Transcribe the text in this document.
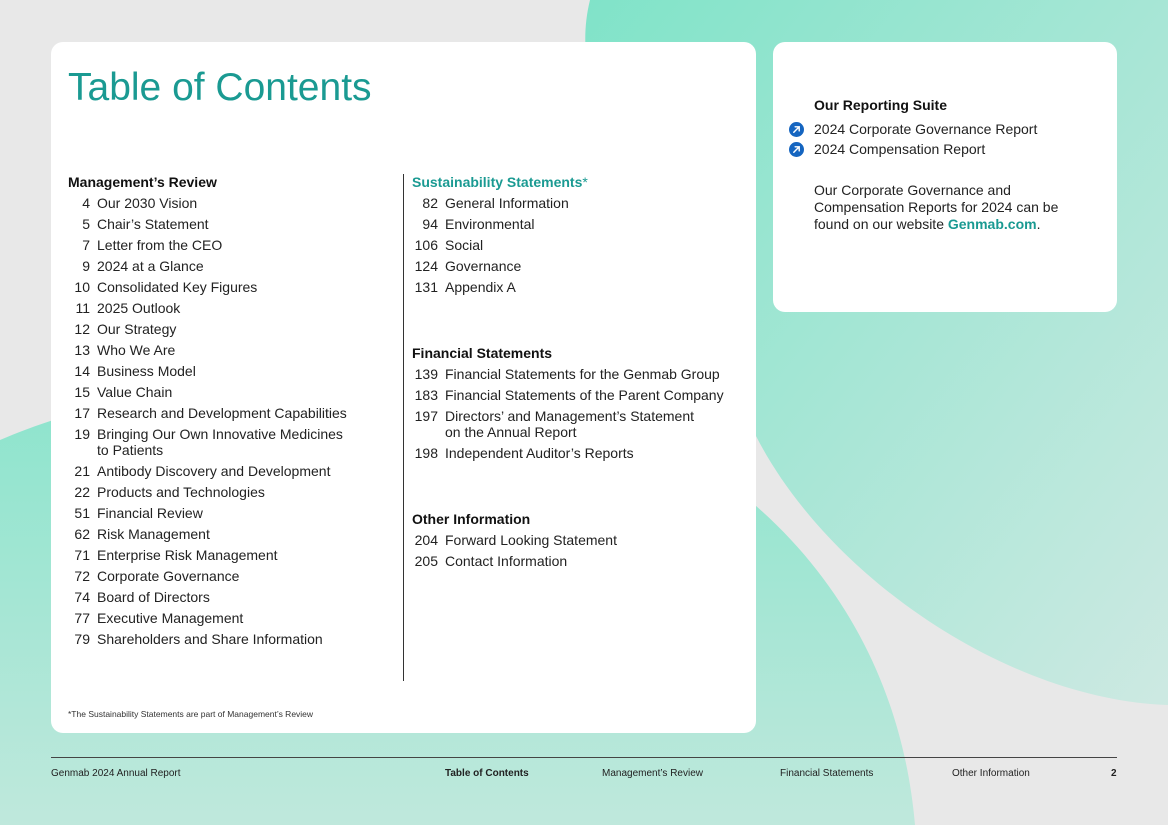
Table of Contents
Management’s Review
4 Our 2030 Vision
5 Chair’s Statement
7 Letter from the CEO
9 2024 at a Glance
10 Consolidated Key Figures
11 2025 Outlook
12 Our Strategy
13 Who We Are
14 Business Model
15 Value Chain
17 Research and Development Capabilities
19 Bringing Our Own Innovative Medicines
to Patients
21 Antibody Discovery and Development
22 Products and Technologies
51 Financial Review
62 Risk Management
71 Enterprise Risk Management
72 Corporate Governance
74 Board of Directors
77 Executive Management
79 Shareholders and Share Information
Sustainability Statements*
82 General Information
94 Environmental
106 Social
124 Governance
131 Appendix A
Financial Statements
139 Financial Statements for the Genmab Group
183 Financial Statements of the Parent Company
197 Directors’ and Management’s Statement
on the Annual Report
198 Independent Auditor’s Reports
Other Information
204 Forward Looking Statement
205 Contact Information
*The Sustainability Statements are part of Management’s Review
Our Reporting Suite
2024 Corporate Governance Report
2024 Compensation Report

Our Corporate Governance and Compensation Reports for 2024 can be found on our website Genmab.com.

Genmab 2024 Annual Report	Table of Contents	Management’s Review	Financial Statements	Other Information	2
